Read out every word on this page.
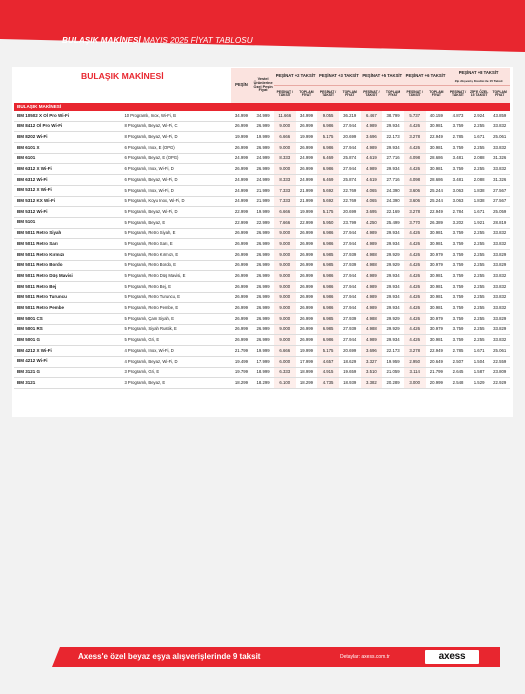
BULAŞIK MAKİNESİ MAYIS 2025 FİYAT TABLOSU
BULAŞIK MAKİNESİ		PEŞİN	Vestel Ürünlerine Özel Peşin Fiyat	PEŞİNAT +2 TAKSİT		PEŞİNAT +3 TAKSİT		PEŞİNAT +5 TAKSİT		PEŞİNAT +6 TAKSİT		PEŞİNAT +8 TAKSİT		
												Zip Alışveriş Kredisi ile 15 Taksit		
				PEŞİNAT / TAKSİT	TOPLAM FİYAT	PEŞİNAT / TAKSİT	TOPLAM FİYAT	PEŞİNAT / TAKSİT	TOPLAM FİYAT	PEŞİNAT / TAKSİT	TOPLAM FİYAT	PEŞİNAT / TAKSİT	ZİP'E ÖZEL 15 TAKSİT	TOPLAM FİYAT
BULAŞIK MAKİNESİ														
BM 10502 X Ol Pro Wi-Fi	10 Programlı, Inox, Wi-Fi, B	34.999	34.999	11.666	34.999	9.055	36.219	6.467	38.799	5.737	40.159	4.873	2.924	43.859
BM 8412 Ol Pro Wi-Fi	8 Programlı, Beyaz, Wi-Fi, C	26.999	26.999	9.000	26.999	6.986	27.944	4.989	29.934	4.426	30.981	3.759	2.255	33.832
BM 8202 Wi-Fi	8 Programlı, Beyaz, Wi-Fi, D	19.999	19.999	6.666	19.999	5.175	20.699	3.696	22.173	3.278	22.949	2.785	1.671	25.061
BM 6101 X	6 Programlı, Inox, E (OPG)	26.999	26.999	9.000	26.999	6.986	27.944	4.989	29.934	4.426	30.981	3.759	2.255	33.832
BM 6101	6 Programlı, Beyaz, E (OPG)	24.999	24.999	8.333	24.999	6.469	25.874	4.619	27.716	4.098	28.686	3.481	2.088	31.326
BM 6312 X Wi-Fi	6 Programlı, Inox, Wi-Fi, D	26.999	26.999	9.000	26.999	6.986	27.944	4.989	29.934	4.426	30.981	3.759	2.255	33.832
BM 6312 Wi-Fi	6 Programlı, Beyaz, Wi-Fi, D	24.999	24.999	8.333	24.999	6.469	25.874	4.619	27.716	4.098	28.686	3.481	2.088	31.326
BM 5312 X Wi-Fi	5 Programlı, Inox, Wi-Fi, D	24.999	21.999	7.333	21.999	5.692	22.769	4.065	24.390	3.606	25.244	3.063	1.838	27.567
BM 5312 KX Wi-Fi	5 Programlı, Koyu Inox, Wi-Fi, D	24.999	21.999	7.333	21.999	5.692	22.769	4.065	24.390	3.606	25.244	3.063	1.838	27.567
BM 5312 Wi-Fi	5 Programlı, Beyaz, Wi-Fi, D	22.999	19.999	6.666	19.999	5.175	20.699	3.695	22.169	3.278	22.949	2.784	1.671	25.059
BM 5101	5 Programlı, Beyaz, E	22.999	22.999	7.666	22.999	5.950	23.799	4.250	25.499	3.770	26.389	3.202	1.921	28.819
BM 5011 Retro Siyah	5 Programlı, Retro Siyah, E	26.999	26.999	9.000	26.999	6.986	27.944	4.989	29.934	4.426	30.981	3.759	2.255	33.832
BM 5011 Retro Sarı	5 Programlı, Retro Sarı, E	26.999	26.999	9.000	26.999	6.986	27.944	4.989	29.934	4.426	30.981	3.759	2.255	33.832
BM 5011 Retro Kırmızı	5 Programlı, Retro Kırmızı, E	26.999	26.999	9.000	26.999	6.985	27.939	4.988	29.929	4.426	30.979	3.759	2.255	33.829
BM 5011 Retro Bordo	5 Programlı, Retro Bordo, E	26.999	26.999	9.000	26.999	6.985	27.939	4.988	29.929	4.426	30.979	3.759	2.255	33.829
BM 5011 Retro Düş Mavisi	5 Programlı, Retro Düş Mavisi, E	26.999	26.999	9.000	26.999	6.986	27.944	4.989	29.934	4.426	30.981	3.759	2.255	33.832
BM 5011 Retro Bej	5 Programlı, Retro Bej, E	26.999	26.999	9.000	26.999	6.986	27.944	4.989	29.934	4.426	30.981	3.759	2.255	33.832
BM 5011 Retro Turuncu	5 Programlı, Retro Turuncu, E	26.999	26.999	9.000	26.999	6.986	27.944	4.989	29.934	4.426	30.981	3.759	2.255	33.832
BM 5011 Retro Pembe	5 Programlı, Retro Pembe, E	26.999	26.999	9.000	26.999	6.986	27.944	4.989	29.934	4.426	30.981	3.759	2.255	33.832
BM 5001 CS	5 Programlı, Çam Siyah, E	26.999	26.999	9.000	26.999	6.985	27.939	4.988	29.929	4.426	30.979	3.759	2.255	33.829
BM 5001 RS	5 Programlı, Siyah Rustik, E	26.999	26.999	9.000	26.999	6.985	27.939	4.988	29.929	4.426	30.979	3.759	2.255	33.829
BM 5001 G	5 Programlı, Gri, E	26.999	26.999	9.000	26.999	6.986	27.944	4.989	29.934	4.426	30.981	3.759	2.255	33.832
BM 4212 X Wi-Fi	4 Programlı, Inox, Wi-Fi, D	21.799	19.999	6.666	19.999	5.175	20.699	3.696	22.173	3.278	22.949	2.785	1.671	25.061
BM 4212 Wi-Fi	4 Programlı, Beyaz, Wi-Fi, D	19.499	17.999	6.000	17.999	4.657	18.629	3.327	19.959	2.950	20.649	2.507	1.504	22.559
BM 3121 G	3 Programlı, Gri, E	19.799	18.999	6.333	18.999	4.915	19.659	3.510	21.059	3.114	21.799	2.645	1.587	23.809
BM 3121	3 Programlı, Beyaz, E	18.299	18.299	6.100	18.299	4.735	18.939	3.382	20.289	3.000	20.999	2.548	1.529	22.929
Axess'e özel beyaz eşya alışverişlerinde 9 taksit	Detaylar: axess.com.tr	axess
